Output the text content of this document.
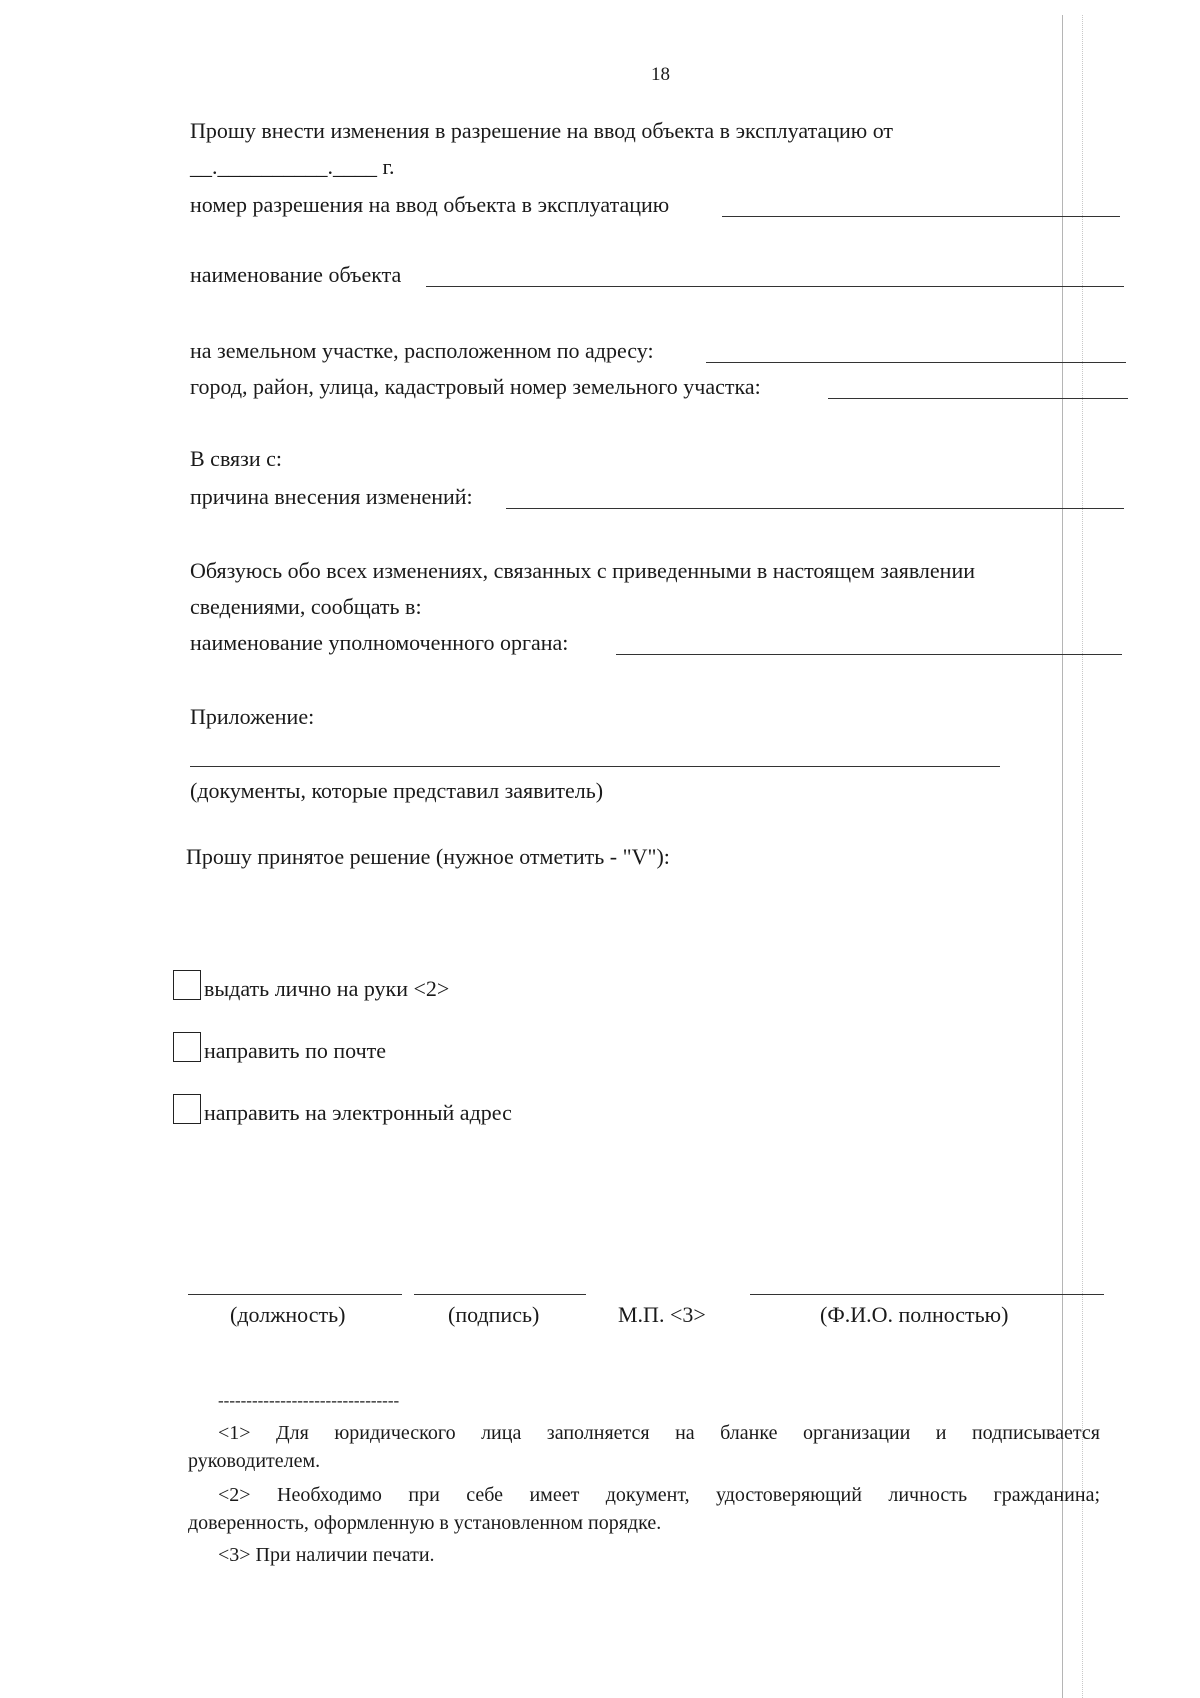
18
Прошу внести изменения в разрешение на ввод объекта в эксплуатацию от
__.__________.____ г.
номер разрешения на ввод объекта в эксплуатацию
наименование объекта
на земельном участке, расположенном по адресу:
город, район, улица, кадастровый номер земельного участка:
В связи с:
причина внесения изменений:
Обязуюсь обо всех изменениях, связанных с приведенными в настоящем заявлении
сведениями, сообщать в:
наименование уполномоченного органа:
Приложение:
(документы, которые представил заявитель)
Прошу принятое решение (нужное отметить - "V"):
выдать лично на руки <2>
направить по почте
направить на электронный адрес
(должность)	(подпись)	М.П. <3>	(Ф.И.О. полностью)
--------------------------------
<1> Для юридического лица заполняется на бланке организации и подписывается
руководителем.
<2> Необходимо при себе имеет документ, удостоверяющий личность гражданина;
доверенность, оформленную в установленном порядке.
<3> При наличии печати.
